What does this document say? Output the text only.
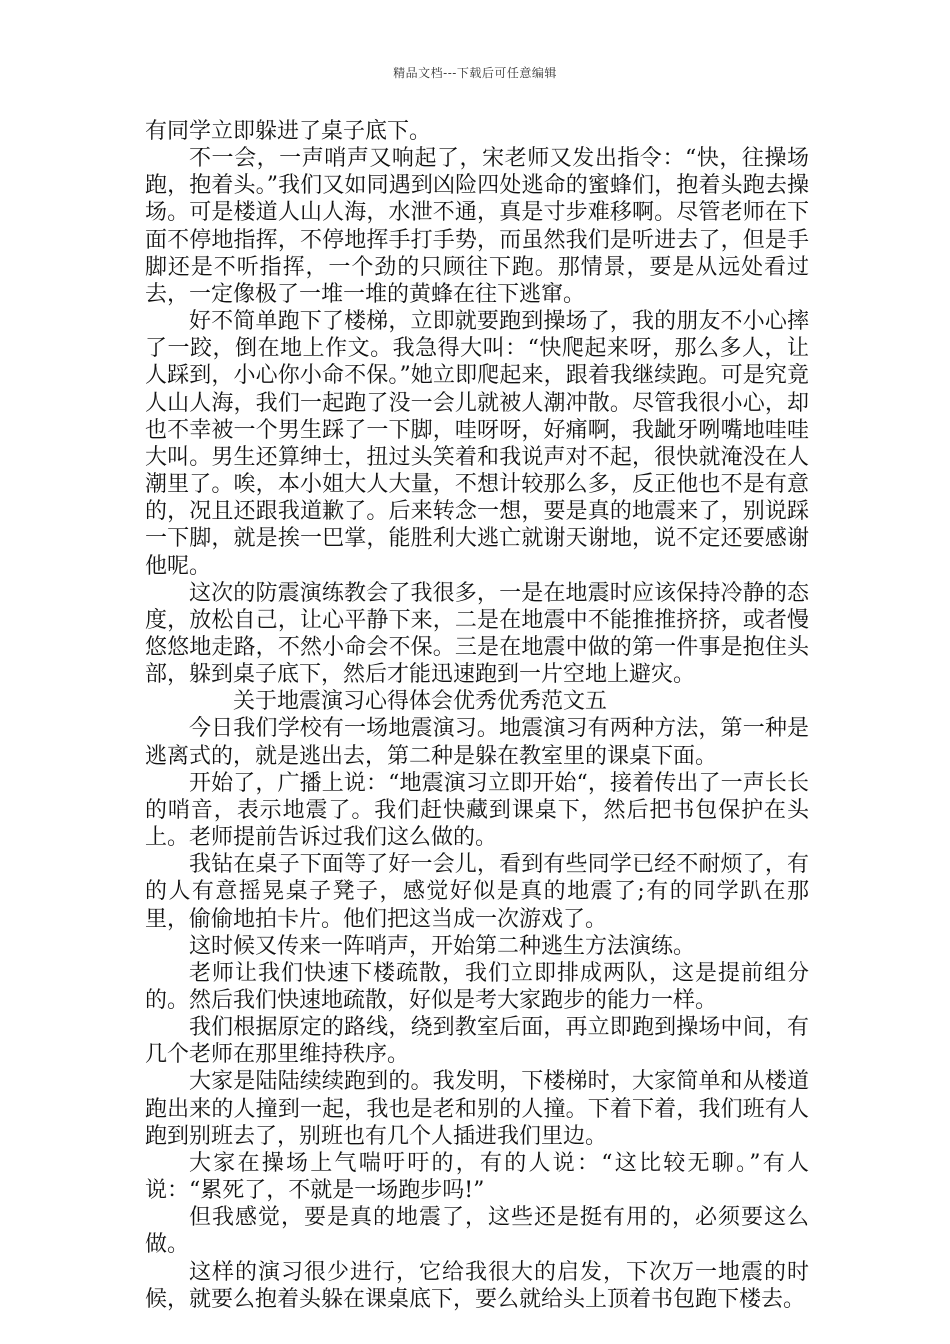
精品文档---下载后可任意编辑

有同学立即躲进了桌子底下。

不一会，一声哨声又响起了，宋老师又发出指令：“快，往操场跑，抱着头。”我们又如同遇到凶险四处逃命的蜜蜂们，抱着头跑去操场。可是楼道人山人海，水泄不通，真是寸步难移啊。尽管老师在下面不停地指挥，不停地挥手打手势，而虽然我们是听进去了，但是手脚还是不听指挥，一个劲的只顾往下跑。那情景，要是从远处看过去，一定像极了一堆一堆的黄蜂在往下逃窜。

好不简单跑下了楼梯，立即就要跑到操场了，我的朋友不小心摔了一跤，倒在地上作文。我急得大叫：“快爬起来呀，那么多人，让人踩到，小心你小命不保。”她立即爬起来，跟着我继续跑。可是究竟人山人海，我们一起跑了没一会儿就被人潮冲散。尽管我很小心，却也不幸被一个男生踩了一下脚，哇呀呀，好痛啊，我龇牙咧嘴地哇哇大叫。男生还算绅士，扭过头笑着和我说声对不起，很快就淹没在人潮里了。唉，本小姐大人大量，不想计较那么多，反正他也不是有意的，况且还跟我道歉了。后来转念一想，要是真的地震来了，别说踩一下脚，就是挨一巴掌，能胜利大逃亡就谢天谢地，说不定还要感谢他呢。

这次的防震演练教会了我很多，一是在地震时应该保持冷静的态度，放松自己，让心平静下来，二是在地震中不能推推挤挤，或者慢悠悠地走路，不然小命会不保。三是在地震中做的第一件事是抱住头部，躲到桌子底下，然后才能迅速跑到一片空地上避灾。

关于地震演习心得体会优秀优秀范文五

今日我们学校有一场地震演习。地震演习有两种方法，第一种是逃离式的，就是逃出去，第二种是躲在教室里的课桌下面。

开始了，广播上说：“地震演习立即开始“，接着传出了一声长长的哨音，表示地震了。我们赶快藏到课桌下，然后把书包保护在头上。老师提前告诉过我们这么做的。

我钻在桌子下面等了好一会儿，看到有些同学已经不耐烦了，有的人有意摇晃桌子凳子，感觉好似是真的地震了;有的同学趴在那里，偷偷地拍卡片。他们把这当成一次游戏了。

这时候又传来一阵哨声，开始第二种逃生方法演练。

老师让我们快速下楼疏散，我们立即排成两队，这是提前组分的。然后我们快速地疏散，好似是考大家跑步的能力一样。

我们根据原定的路线，绕到教室后面，再立即跑到操场中间，有几个老师在那里维持秩序。

大家是陆陆续续跑到的。我发明，下楼梯时，大家简单和从楼道跑出来的人撞到一起，我也是老和别的人撞。下着下着，我们班有人跑到别班去了，别班也有几个人插进我们里边。

大家在操场上气喘吁吁的，有的人说：“这比较无聊。”有人说：“累死了，不就是一场跑步吗!”

但我感觉，要是真的地震了，这些还是挺有用的，必须要这么做。

这样的演习很少进行，它给我很大的启发，下次万一地震的时候，就要么抱着头躲在课桌底下，要么就给头上顶着书包跑下楼去。
